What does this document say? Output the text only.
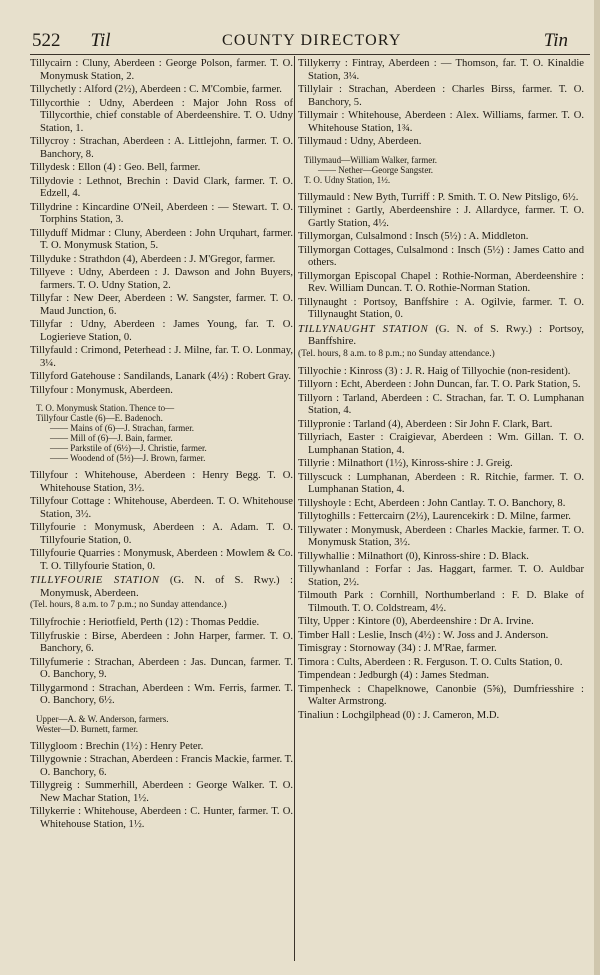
522 Til	COUNTY DIRECTORY	Tin

Tillycairn : Cluny, Aberdeen : George Polson, farmer. T. O. Monymusk Station, 2.

Tillychetly : Alford (2½), Aberdeen : C. M'Combie, farmer.

Tillycorthie : Udny, Aberdeen : Major John Ross of Tillycorthie, chief constable of Aberdeenshire. T. O. Udny Station, 1.

Tillycroy : Strachan, Aberdeen : A. Littlejohn, farmer. T. O. Banchory, 8.

Tillydesk : Ellon (4) : Geo. Bell, farmer.

Tillydovie : Lethnot, Brechin : David Clark, farmer. T. O. Edzell, 4.

Tillydrine : Kincardine O'Neil, Aberdeen : — Stewart. T. O. Torphins Station, 3.

Tillyduff Midmar : Cluny, Aberdeen : John Urquhart, farmer. T. O. Monymusk Station, 5.

Tillyduke : Strathdon (4), Aberdeen : J. M'Gregor, farmer.

Tillyeve : Udny, Aberdeen : J. Dawson and John Buyers, farmers. T. O. Udny Station, 2.

Tillyfar : New Deer, Aberdeen : W. Sangster, farmer. T. O. Maud Junction, 6.

Tillyfar : Udny, Aberdeen : James Young, far. T. O. Logierieve Station, 0.

Tillyfauld : Crimond, Peterhead : J. Milne, far. T. O. Lonmay, 3¼.

Tillyford Gatehouse : Sandilands, Lanark (4½) : Robert Gray.

Tillyfour : Monymusk, Aberdeen.

T. O. Monymusk Station. Thence to—

Tillyfour Castle (6)—E. Badenoch.

—— Mains of (6)—J. Strachan, farmer.

—— Mill of (6)—J. Bain, farmer.

—— Parkstile of (6½)—J. Christie, farmer.

—— Woodend of (5½)—J. Brown, farmer.

Tillyfour : Whitehouse, Aberdeen : Henry Begg. T. O. Whitehouse Station, 3½.

Tillyfour Cottage : Whitehouse, Aberdeen. T. O. Whitehouse Station, 3½.

Tillyfourie : Monymusk, Aberdeen : A. Adam. T. O. Tillyfourie Station, 0.

Tillyfourie Quarries : Monymusk, Aberdeen : Mowlem & Co. T. O. Tillyfourie Station, 0.

TILLYFOURIE STATION (G. N. of S. Rwy.) : Monymusk, Aberdeen.

(Tel. hours, 8 a.m. to 7 p.m.; no Sunday attendance.)

Tillyfrochie : Heriotfield, Perth (12) : Thomas Peddie.

Tillyfruskie : Birse, Aberdeen : John Harper, farmer. T. O. Banchory, 6.

Tillyfumerie : Strachan, Aberdeen : Jas. Duncan, farmer. T. O. Banchory, 9.

Tillygarmond : Strachan, Aberdeen : Wm. Ferris, farmer. T. O. Banchory, 6½.

Upper—A. & W. Anderson, farmers.

Wester—D. Burnett, farmer.

Tillygloom : Brechin (1½) : Henry Peter.

Tillygownie : Strachan, Aberdeen : Francis Mackie, farmer. T. O. Banchory, 6.

Tillygreig : Summerhill, Aberdeen : George Walker. T. O. New Machar Station, 1½.

Tillykerrie : Whitehouse, Aberdeen : C. Hunter, farmer. T. O. Whitehouse Station, 1½.

Tillykerry : Fintray, Aberdeen : — Thomson, far. T. O. Kinaldie Station, 3¼.

Tillylair : Strachan, Aberdeen : Charles Birss, farmer. T. O. Banchory, 5.

Tillymair : Whitehouse, Aberdeen : Alex. Williams, farmer. T. O. Whitehouse Station, 1¾.

Tillymaud : Udny, Aberdeen.

Tillymaud—William Walker, farmer.

—— Nether—George Sangster.

T. O. Udny Station, 1½.

Tillymauld : New Byth, Turriff : P. Smith. T. O. New Pitsligo, 6½.

Tillyminet : Gartly, Aberdeenshire : J. Allardyce, farmer. T. O. Gartly Station, 4½.

Tillymorgan, Culsalmond : Insch (5½) : A. Middleton.

Tillymorgan Cottages, Culsalmond : Insch (5½) : James Catto and others.

Tillymorgan Episcopal Chapel : Rothie-Norman, Aberdeenshire : Rev. William Duncan. T. O. Rothie-Norman Station.

Tillynaught : Portsoy, Banffshire : A. Ogilvie, farmer. T. O. Tillynaught Station, 0.

TILLYNAUGHT STATION (G. N. of S. Rwy.) : Portsoy, Banffshire.

(Tel. hours, 8 a.m. to 8 p.m.; no Sunday attendance.)

Tillyochie : Kinross (3) : J. R. Haig of Tillyochie (non-resident).

Tillyorn : Echt, Aberdeen : John Duncan, far. T. O. Park Station, 5.

Tillyorn : Tarland, Aberdeen : C. Strachan, far. T. O. Lumphanan Station, 4.

Tillypronie : Tarland (4), Aberdeen : Sir John F. Clark, Bart.

Tillyriach, Easter : Craigievar, Aberdeen : Wm. Gillan. T. O. Lumphanan Station, 4.

Tillyrie : Milnathort (1½), Kinross-shire : J. Greig.

Tillyscuck : Lumphanan, Aberdeen : R. Ritchie, farmer. T. O. Lumphanan Station, 4.

Tillyshoyle : Echt, Aberdeen : John Cantlay. T. O. Banchory, 8.

Tillytoghills : Fettercairn (2½), Laurencekirk : D. Milne, farmer.

Tillywater : Monymusk, Aberdeen : Charles Mackie, farmer. T. O. Monymusk Station, 3½.

Tillywhallie : Milnathort (0), Kinross-shire : D. Black.

Tillywhanland : Forfar : Jas. Haggart, farmer. T. O. Auldbar Station, 2½.

Tilmouth Park : Cornhill, Northumberland : F. D. Blake of Tilmouth. T. O. Coldstream, 4½.

Tilty, Upper : Kintore (0), Aberdeenshire : Dr A. Irvine.

Timber Hall : Leslie, Insch (4½) : W. Joss and J. Anderson.

Timisgray : Stornoway (34) : J. M'Rae, farmer.

Timora : Cults, Aberdeen : R. Ferguson. T. O. Cults Station, 0.

Timpendean : Jedburgh (4) : James Stedman.

Timpenheck : Chapelknowe, Canonbie (5⅝), Dumfriesshire : Walter Armstrong.

Tinaliun : Lochgilphead (0) : J. Cameron, M.D.
